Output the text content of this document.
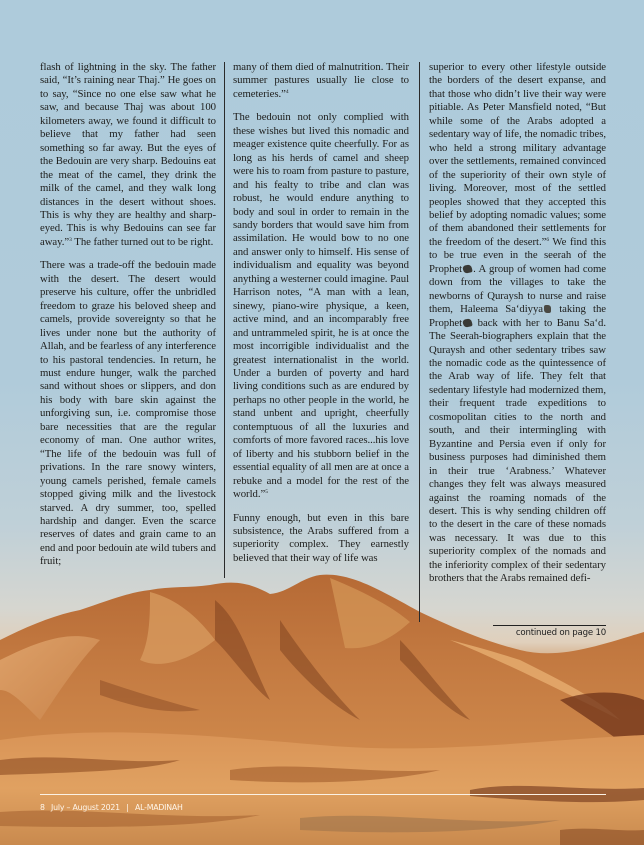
flash of lightning in the sky. The father said, “It’s raining near Thaj.” He goes on to say, “Since no one else saw what he saw, and because Thaj was about 100 kilometers away, we found it difficult to believe that my father had seen something so far away. But the eyes of the Bedouin are very sharp. Bedouins eat the meat of the camel, they drink the milk of the camel, and they walk long distances in the desert without shoes. This is why they are healthy and sharp-eyed. This is why Bedouins can see far away.”$^3$ The father turned out to be right.

There was a trade-off the bedouin made with the desert. The desert would preserve his culture, offer the unbridled freedom to graze his beloved sheep and camels, provide sovereignty so that he lives under none but the authority of Allah, and be fearless of any interference to his pastoral tendencies. In return, he must endure hunger, walk the parched sand without shoes or slippers, and don his body with bare skin against the unforgiving sun, i.e. compromise those bare necessities that are the regular economy of man. One author writes, “The life of the bedouin was full of privations. In the rare snowy winters, young camels perished, female camels stopped giving milk and the livestock starved. A dry summer, too, spelled hardship and danger. Even the scarce reserves of dates and grain came to an end and poor bedouin ate wild tubers and fruit;

many of them died of malnutrition. Their summer pastures usually lie close to cemeteries.”$^4$

The bedouin not only complied with these wishes but lived this nomadic and meager existence quite cheerfully. For as long as his herds of camel and sheep were his to roam from pasture to pasture, and his fealty to tribe and clan was robust, he would endure anything to body and soul in order to remain in the sandy borders that would save him from assimilation. He would bow to no one and answer only to himself. His sense of individualism and equality was beyond anything a westerner could imagine. Paul Harrison notes, “A man with a lean, sinewy, piano-wire physique, a keen, active mind, and an incomparably free and untrammeled spirit, he is at once the most incorrigible individualist and the greatest internationalist in the world. Under a burden of poverty and hard living conditions such as are endured by perhaps no other people in the world, he stand unbent and upright, cheerfully contemptuous of all the luxuries and comforts of more favored races...his love of liberty and his stubborn belief in the essential equality of all men are at once a rebuke and a model for the rest of the world.”$^5$

Funny enough, but even in this bare subsistence, the Arabs suffered from a superiority complex. They earnestly believed that their way of life was

superior to every other lifestyle outside the borders of the desert expanse, and that those who didn’t live their way were pitiable. As Peter Mansfield noted, “But while some of the Arabs adopted a sedentary way of life, the nomadic tribes, who held a strong military advantage over the settlements, remained convinced of the superiority of their own style of living. Moreover, most of the settled peoples showed that they accepted this belief by adopting nomadic values; some of them abandoned their settlements for the freedom of the desert.”$^6$ We find this to be true even in the seerah of the Prophet . A group of women had come down from the villages to take the newborns of Quraysh to nurse and raise them, Haleema Sa‘diyya taking the Prophet back with her to Banu Sa‘d. The Seerah-biographers explain that the Quraysh and other sedentary tribes saw the nomadic code as the quintessence of the Arab way of life. They felt that sedentary lifestyle had modernized them, their frequent trade expeditions to cosmopolitan cities to the north and south, and their intermingling with Byzantine and Persia even if only for business purposes had diminished them in their true ‘Arabness.’ Whatever changes they felt was always measured against the roaming nomads of the desert. This is why sending children off to the desert in the care of these nomads was necessary. It was due to this superiority complex of the nomads and the inferiority complex of their sedentary brothers that the Arabs remained defi-

continued on page 10
8 July – August 2021 | AL-MADINAH
